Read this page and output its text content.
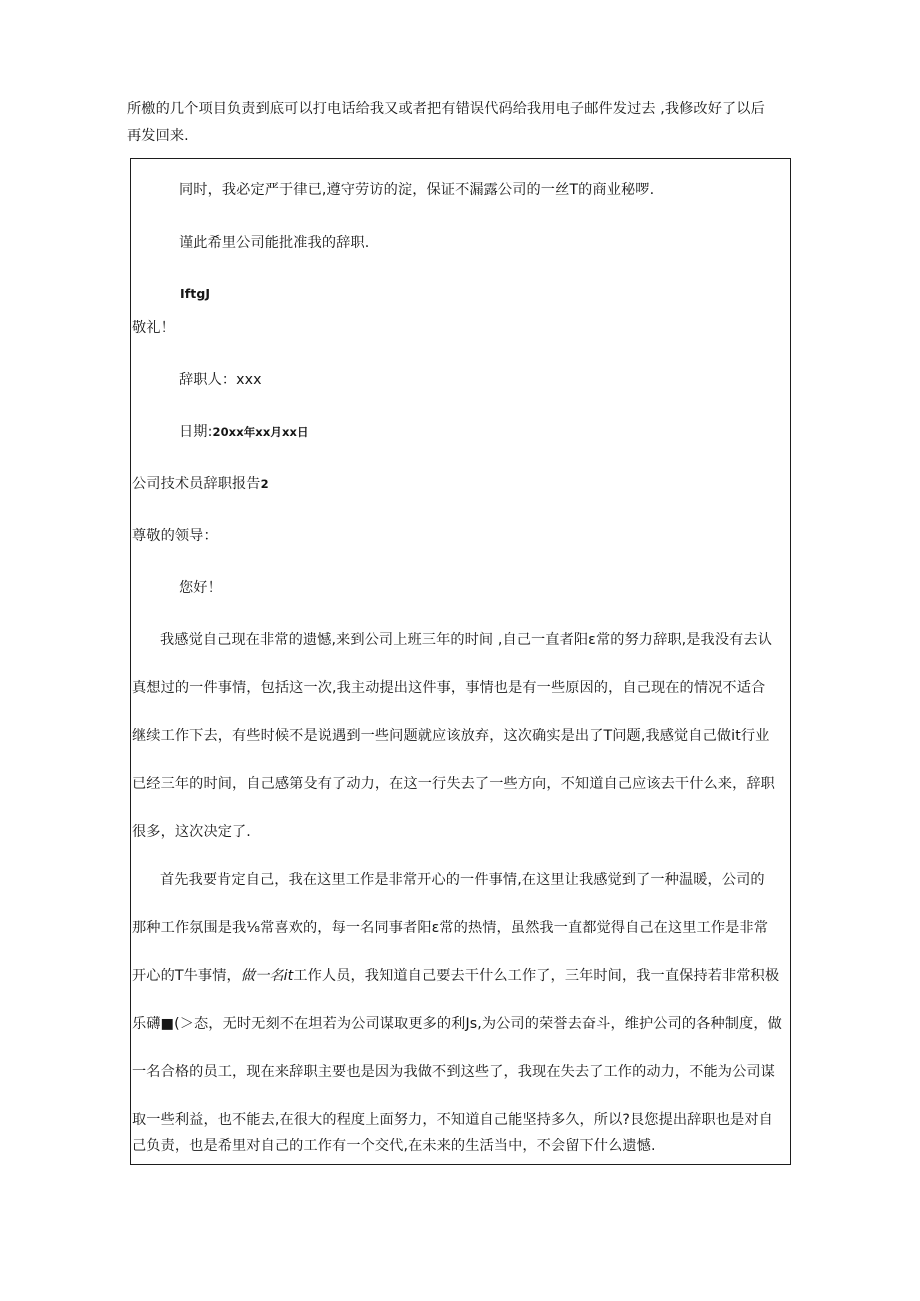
所檄的几个项目负责到底可以打电话给我又或者把有错误代码给我用电子邮件发过去 ,我修改好了以后
再发回来.
同时，我必定严于律已,遵守劳访的淀，保证不漏露公司的一丝T的商业秘啰.
谨此希里公司能批准我的辞职.
IftgJ
敬礼！
辞职人：xxx
日期:20xx年xx月xx日
公司技术员辞职报告2
尊敬的领导：
您好！
我感觉自己现在非常的遗憾,来到公司上班三年的时间 ,自己一直者阳ε常的努力辞职,是我没有去认
真想过的一件事情，包括这一次,我主动提出这件事，事情也是有一些原因的，自己现在的情况不适合
继续工作下去，有些时候不是说遇到一些问题就应该放弃，这次确实是出了T问题,我感觉自己做it行业
已经三年的时间，自己感第殳有了动力，在这一行失去了一些方向，不知道自己应该去干什么来，辞职
很多，这次决定了.
首先我要肯定自己，我在这里工作是非常开心的一件事情,在这里让我感觉到了一种温暖，公司的
那种工作氛围是我⅛常喜欢的，每一名同事者阳ε常的热情，虽然我一直都觉得自己在这里工作是非常
开心的T牛事情，做一名it工作人员，我知道自己要去干什么工作了，三年时间，我一直保持若非常积极
乐礴■(＞态，无时无刻不在坦若为公司谋取更多的利Js,为公司的荣誉去奋斗，维护公司的各种制度，做
一名合格的员工，现在来辞职主要也是因为我做不到这些了，我现在失去了工作的动力，不能为公司谋
取一些利益，也不能去,在很大的程度上面努力，不知道自己能坚持多久，所以?艮您提出辞职也是对自
己负责，也是希里对自己的工作有一个交代,在未来的生活当中，不会留下什么遗憾.
